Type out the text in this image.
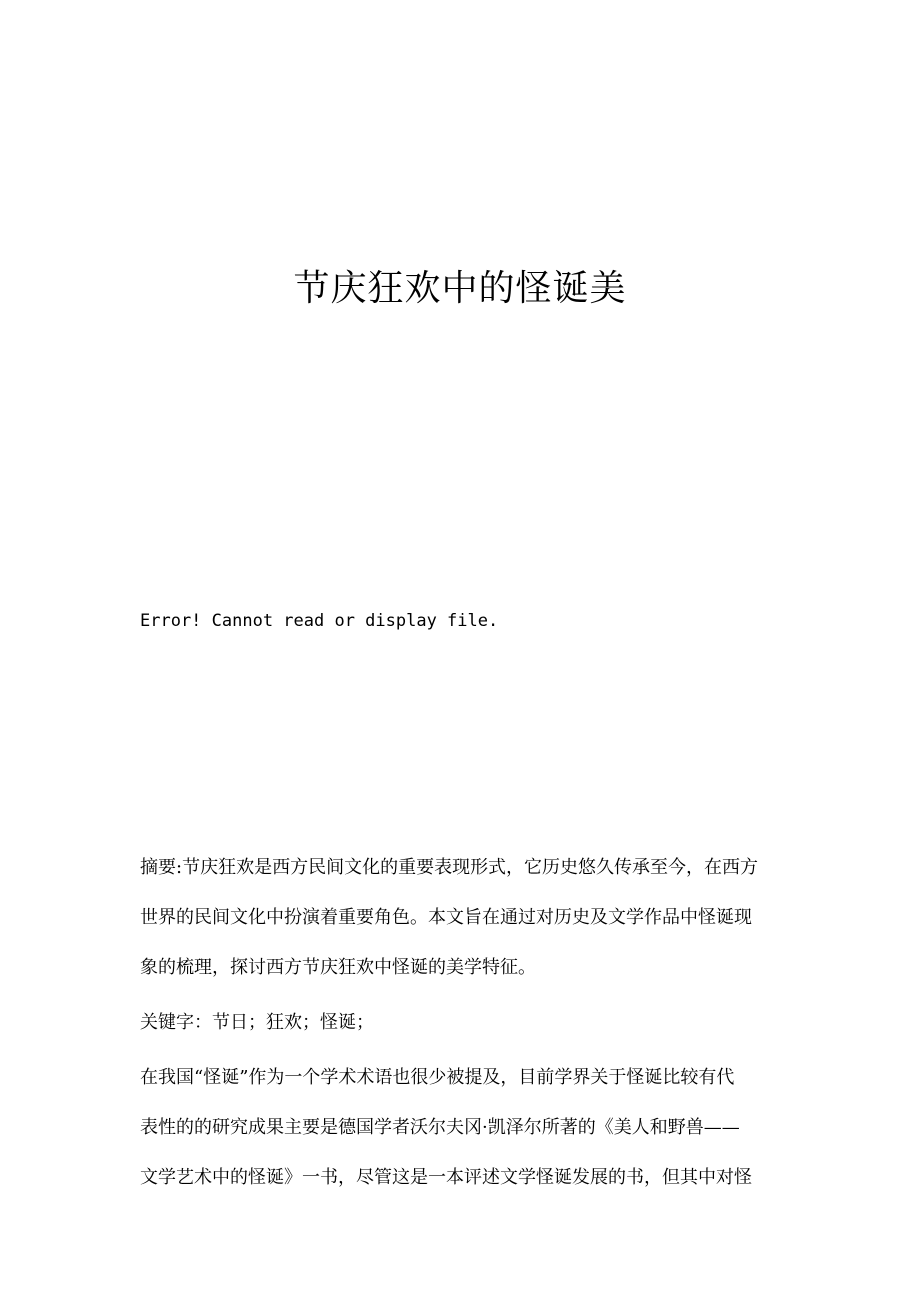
节庆狂欢中的怪诞美
Error! Cannot read or display file.
摘要:节庆狂欢是西方民间文化的重要表现形式，它历史悠久传承至今，在西方
世界的民间文化中扮演着重要角色。本文旨在通过对历史及文学作品中怪诞现
象的梳理，探讨西方节庆狂欢中怪诞的美学特征。
关键字：节日；狂欢；怪诞；
在我国“怪诞”作为一个学术术语也很少被提及，目前学界关于怪诞比较有代
表性的的研究成果主要是德国学者沃尔夫冈·凯泽尔所著的《美人和野兽——
文学艺术中的怪诞》一书，尽管这是一本评述文学怪诞发展的书，但其中对怪
